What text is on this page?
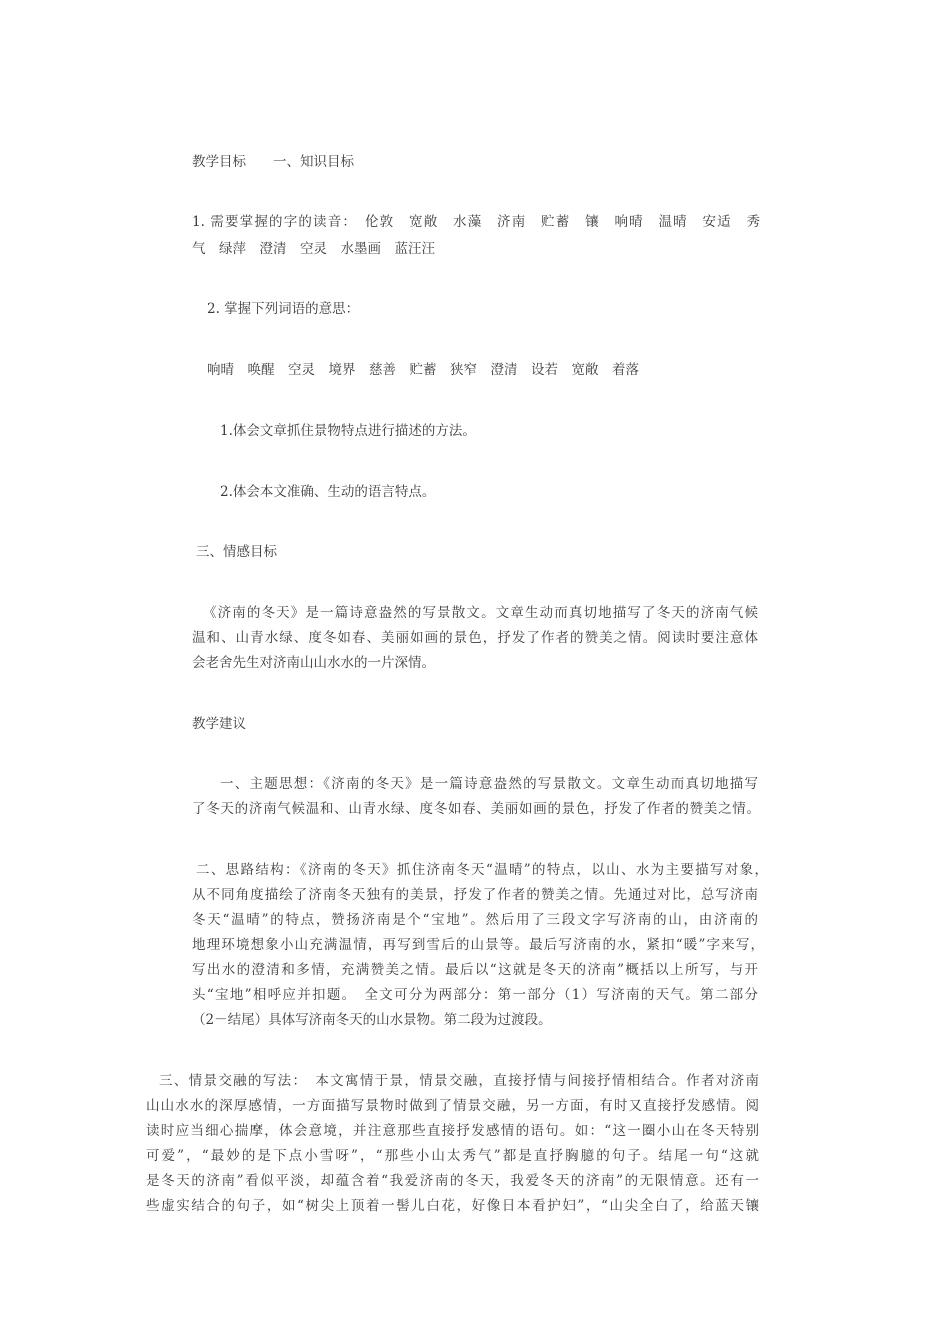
教学目标　　一、知识目标

1. 需要掌握的字的读音：　伦敦　宽敞　水藻　济南　贮蓄　镶　响晴　温晴　安适　秀

气　绿萍　澄清　空灵　水墨画　蓝汪汪

2. 掌握下列词语的意思：

响晴　唤醒　空灵　境界　慈善　贮蓄　狭窄　澄清　设若　宽敞　着落

1.体会文章抓住景物特点进行描述的方法。

2.体会本文准确、生动的语言特点。

三、情感目标

《济南的冬天》是一篇诗意盎然的写景散文。文章生动而真切地描写了冬天的济南气候

温和、山青水绿、度冬如春、美丽如画的景色，抒发了作者的赞美之情。阅读时要注意体

会老舍先生对济南山山水水的一片深情。

教学建议

一、主题思想：《济南的冬天》是一篇诗意盎然的写景散文。文章生动而真切地描写

了冬天的济南气候温和、山青水绿、度冬如春、美丽如画的景色，抒发了作者的赞美之情。

二、思路结构：《济南的冬天》抓住济南冬天“温晴”的特点，以山、水为主要描写对象，

从不同角度描绘了济南冬天独有的美景，抒发了作者的赞美之情。先通过对比，总写济南

冬天“温晴”的特点，赞扬济南是个“宝地”。然后用了三段文字写济南的山，由济南的

地理环境想象小山充满温情，再写到雪后的山景等。最后写济南的水，紧扣“暖”字来写，

写出水的澄清和多情，充满赞美之情。最后以“这就是冬天的济南”概括以上所写，与开

头“宝地”相呼应并扣题。　全文可分为两部分：第一部分（1）写济南的天气。第二部分

（2－结尾）具体写济南冬天的山水景物。第二段为过渡段。

三、情景交融的写法：　本文寓情于景，情景交融，直接抒情与间接抒情相结合。作者对济南

山山水水的深厚感情，一方面描写景物时做到了情景交融，另一方面，有时又直接抒发感情。阅

读时应当细心揣摩，体会意境，并注意那些直接抒发感情的语句。如：“这一圈小山在冬天特别

可爱”，“最妙的是下点小雪呀”，“那些小山太秀气”都是直抒胸臆的句子。结尾一句“这就

是冬天的济南”看似平淡，却蕴含着“我爱济南的冬天，我爱冬天的济南”的无限情意。还有一

些虚实结合的句子，如“树尖上顶着一髻儿白花，好像日本看护妇”，“山尖全白了，给蓝天镶
